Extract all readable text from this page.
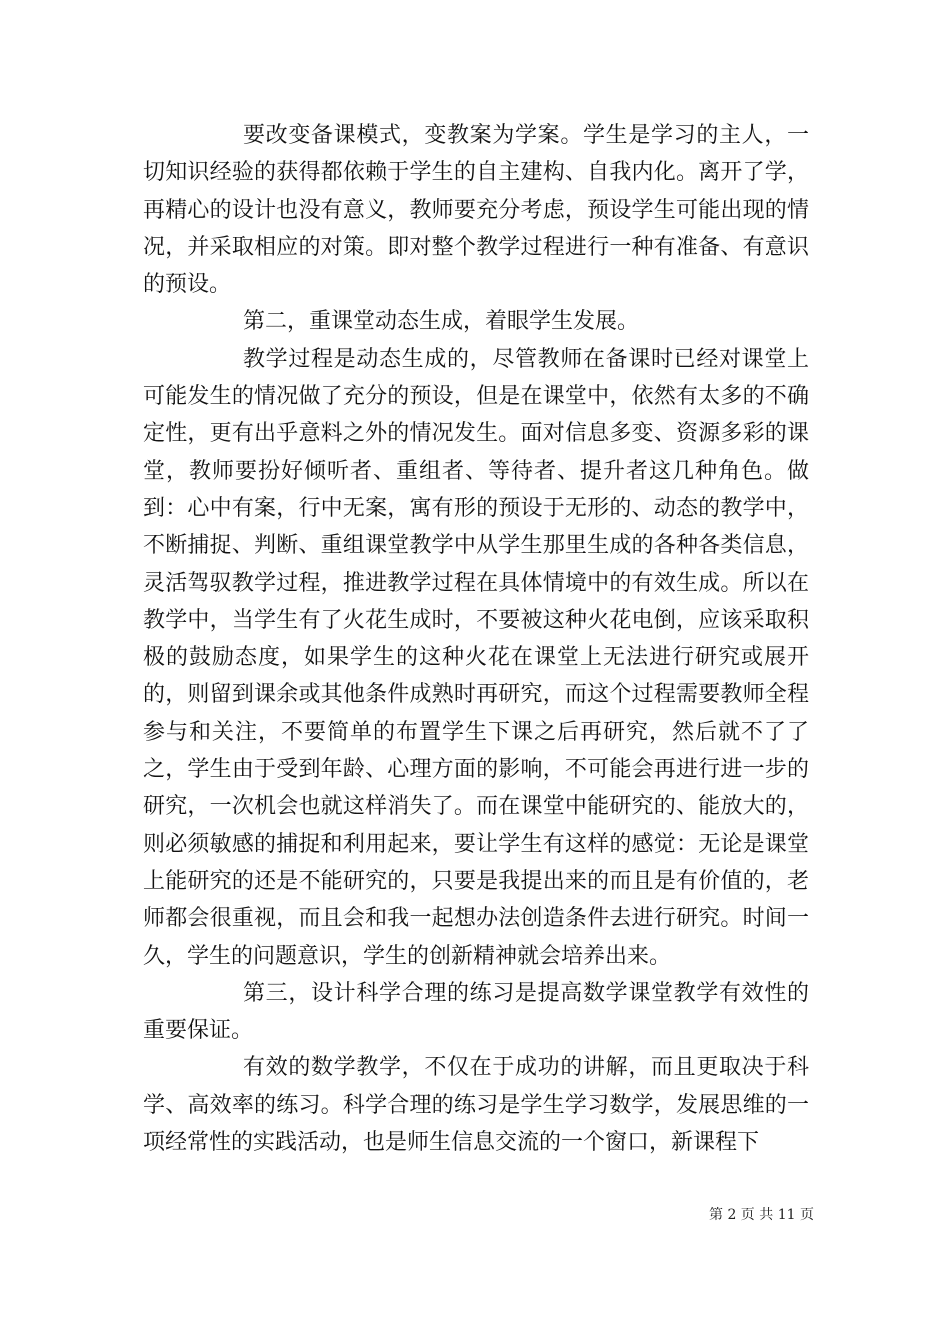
要改变备课模式，变教案为学案。学生是学习的主人，一切知识经验的获得都依赖于学生的自主建构、自我内化。离开了学，再精心的设计也没有意义，教师要充分考虑，预设学生可能出现的情况，并采取相应的对策。即对整个教学过程进行一种有准备、有意识的预设。

第二，重课堂动态生成，着眼学生发展。

教学过程是动态生成的，尽管教师在备课时已经对课堂上可能发生的情况做了充分的预设，但是在课堂中，依然有太多的不确定性，更有出乎意料之外的情况发生。面对信息多变、资源多彩的课堂，教师要扮好倾听者、重组者、等待者、提升者这几种角色。做到：心中有案，行中无案，寓有形的预设于无形的、动态的教学中，不断捕捉、判断、重组课堂教学中从学生那里生成的各种各类信息，灵活驾驭教学过程，推进教学过程在具体情境中的有效生成。所以在教学中，当学生有了火花生成时，不要被这种火花电倒，应该采取积极的鼓励态度，如果学生的这种火花在课堂上无法进行研究或展开的，则留到课余或其他条件成熟时再研究，而这个过程需要教师全程参与和关注，不要简单的布置学生下课之后再研究，然后就不了了之，学生由于受到年龄、心理方面的影响，不可能会再进行进一步的研究，一次机会也就这样消失了。而在课堂中能研究的、能放大的，则必须敏感的捕捉和利用起来，要让学生有这样的感觉：无论是课堂上能研究的还是不能研究的，只要是我提出来的而且是有价值的，老师都会很重视，而且会和我一起想办法创造条件去进行研究。时间一久，学生的问题意识，学生的创新精神就会培养出来。

第三，设计科学合理的练习是提高数学课堂教学有效性的重要保证。

有效的数学教学，不仅在于成功的讲解，而且更取决于科学、高效率的练习。科学合理的练习是学生学习数学，发展思维的一项经常性的实践活动，也是师生信息交流的一个窗口，新课程下

第 2 页 共 11 页
